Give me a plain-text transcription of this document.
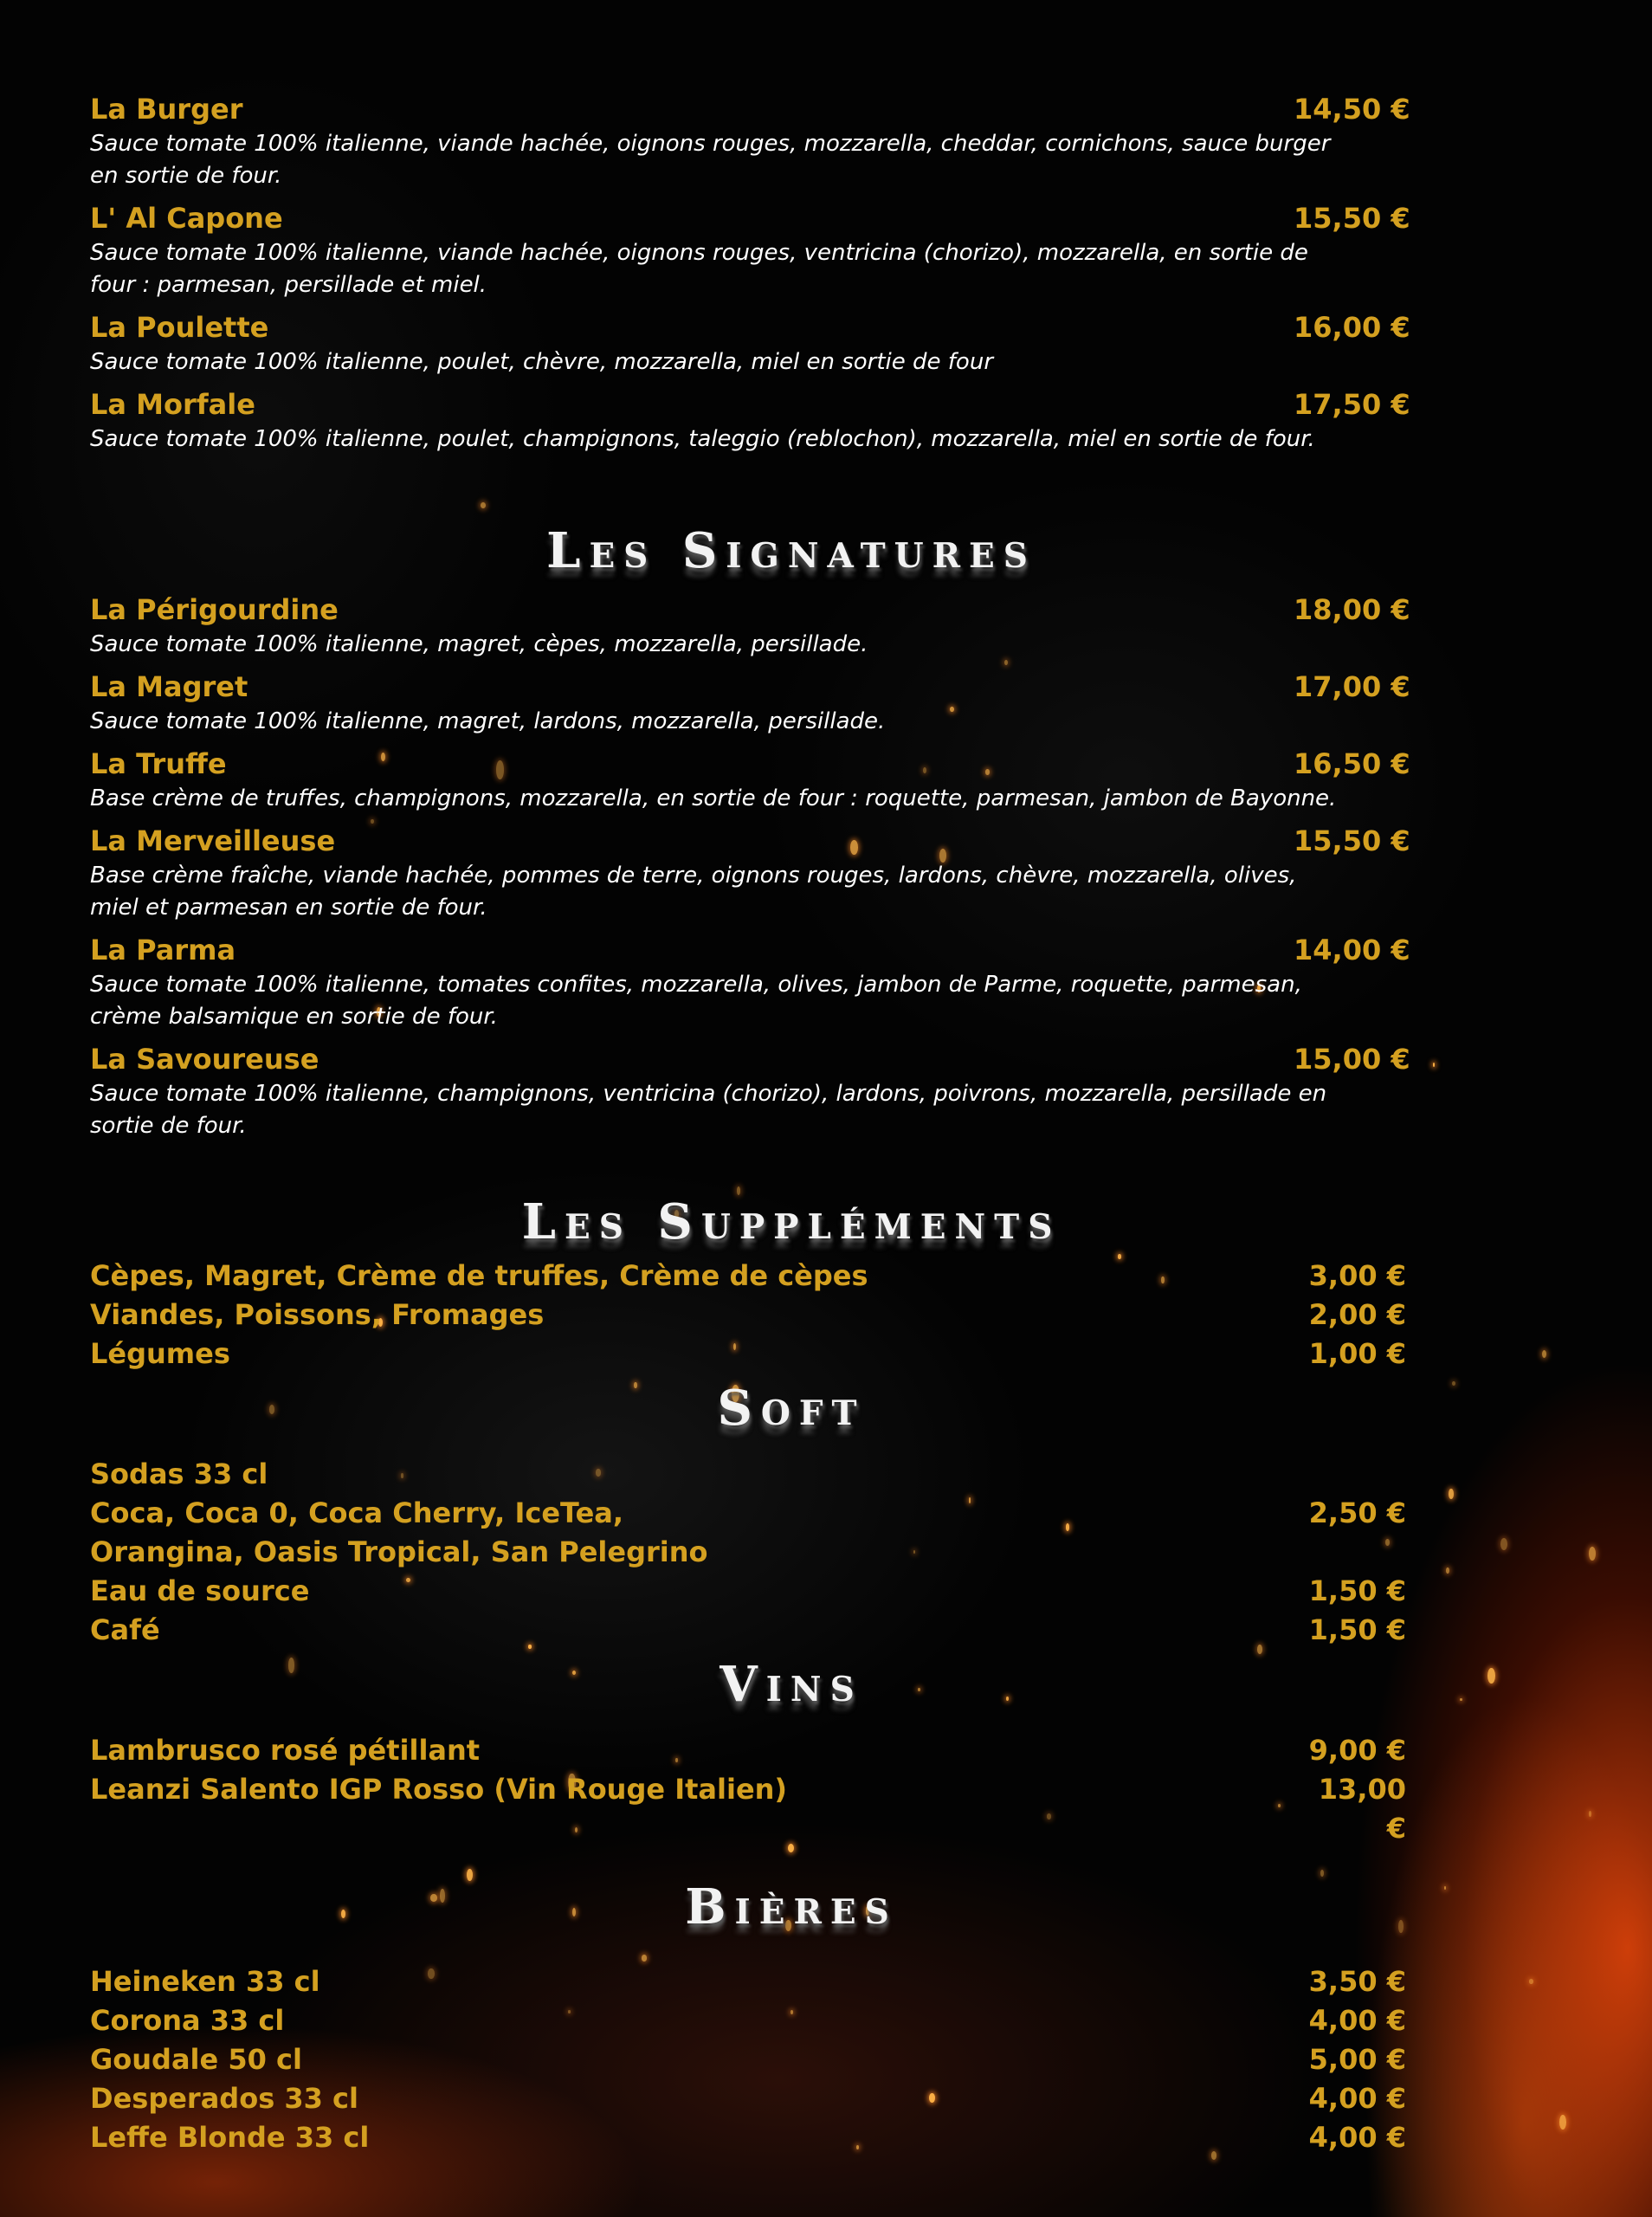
La Burger	14,50 €
Sauce tomate 100% italienne, viande hachée, oignons rouges, mozzarella, cheddar, cornichons, sauce burger en sortie de four.
L' Al Capone	15,50 €
Sauce tomate 100% italienne, viande hachée, oignons rouges, ventricina (chorizo), mozzarella, en sortie de four : parmesan, persillade et miel.
La Poulette	16,00 €
Sauce tomate 100% italienne, poulet, chèvre, mozzarella, miel en sortie de four
La Morfale	17,50 €
Sauce tomate 100% italienne, poulet, champignons, taleggio (reblochon), mozzarella, miel en sortie de four.
Les Signatures
La Périgourdine	18,00 €
Sauce tomate 100% italienne, magret, cèpes, mozzarella, persillade.
La Magret	17,00 €
Sauce tomate 100% italienne, magret, lardons, mozzarella, persillade.
La Truffe	16,50 €
Base crème de truffes, champignons, mozzarella, en sortie de four : roquette, parmesan, jambon de Bayonne.
La Merveilleuse	15,50 €
Base crème fraîche, viande hachée, pommes de terre, oignons rouges, lardons, chèvre, mozzarella, olives, miel et parmesan en sortie de four.
La Parma	14,00 €
Sauce tomate 100% italienne, tomates confites, mozzarella, olives, jambon de Parme, roquette, parmesan, crème balsamique en sortie de four.
La Savoureuse	15,00 €
Sauce tomate 100% italienne, champignons, ventricina (chorizo), lardons, poivrons, mozzarella, persillade en sortie de four.
Les Suppléments
Cèpes, Magret, Crème de truffes, Crème de cèpes	3,00 €
Viandes, Poissons, Fromages	2,00 €
Légumes	1,00 €
Soft
Sodas 33 cl
Coca, Coca 0, Coca Cherry, IceTea,	2,50 €
Orangina, Oasis Tropical, San Pelegrino
Eau de source	1,50 €
Café	1,50 €
Vins
Lambrusco rosé pétillant	9,00 €
Leanzi Salento IGP Rosso (Vin Rouge Italien)	13,00 €
Bières
Heineken 33 cl	3,50 €
Corona 33 cl	4,00 €
Goudale 50 cl	5,00 €
Desperados 33 cl	4,00 €
Leffe Blonde 33 cl	4,00 €
